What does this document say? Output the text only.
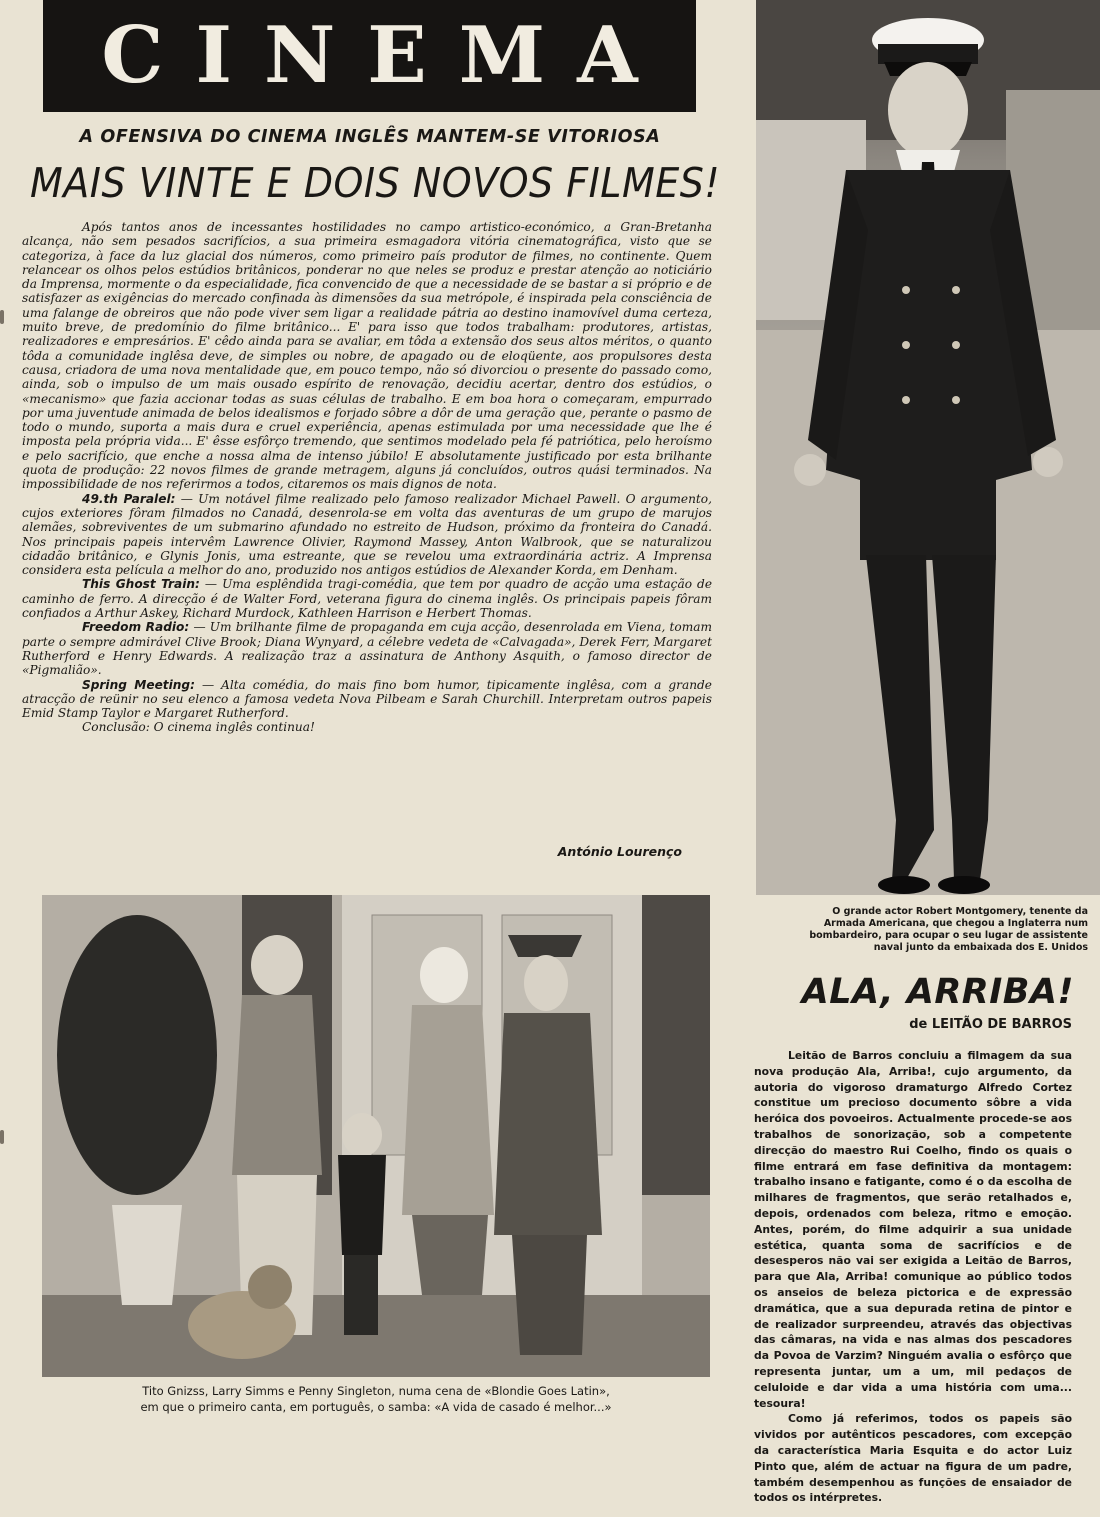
CINEMA
A OFENSIVA DO CINEMA INGLÊS MANTEM-SE VITORIOSA
MAIS VINTE E DOIS NOVOS FILMES!

Após tantos anos de incessantes hostilidades no campo artistico-económico, a Gran-Bretanha alcança, não sem pesados sacrifícios, a sua primeira esmagadora vitória cinematográfica, visto que se categoriza, à face da luz glacial dos números, como primeiro país produtor de filmes, no continente. Quem relancear os olhos pelos estúdios britânicos, ponderar no que neles se produz e prestar atenção ao noticiário da Imprensa, mormente o da especialidade, fica convencido de que a necessidade de se bastar a si próprio e de satisfazer as exigências do mercado confinada às dimensões da sua metrópole, é inspirada pela consciência de uma falange de obreiros que não pode viver sem ligar a realidade pátria ao destino inamovível duma certeza, muito breve, de predomínio do filme britânico... E' para isso que todos trabalham: produtores, artistas, realizadores e empresários. E' cêdo ainda para se avaliar, em tôda a extensão dos seus altos méritos, o quanto tôda a comunidade inglêsa deve, de simples ou nobre, de apagado ou de eloqüente, aos propulsores desta causa, criadora de uma nova mentalidade que, em pouco tempo, não só divorciou o presente do passado como, ainda, sob o impulso de um mais ousado espírito de renovação, decidiu acertar, dentro dos estúdios, o «mecanismo» que fazia accionar todas as suas células de trabalho. E em boa hora o começaram, empurrado por uma juventude animada de belos idealismos e forjado sôbre a dôr de uma geração que, perante o pasmo de todo o mundo, suporta a mais dura e cruel experiência, apenas estimulada por uma necessidade que lhe é imposta pela própria vida... E' êsse esfôrço tremendo, que sentimos modelado pela fé patriótica, pelo heroísmo e pelo sacrifício, que enche a nossa alma de intenso júbilo! E absolutamente justificado por esta brilhante quota de produção: 22 novos filmes de grande metragem, alguns já concluídos, outros quási terminados. Na impossibilidade de nos referirmos a todos, citaremos os mais dignos de nota.

49.th Paralel: — Um notável filme realizado pelo famoso realizador Michael Pawell. O argumento, cujos exteriores fôram filmados no Canadá, desenrola-se em volta das aventuras de um grupo de marujos alemães, sobreviventes de um submarino afundado no estreito de Hudson, próximo da fronteira do Canadá. Nos principais papeis intervêm Lawrence Olivier, Raymond Massey, Anton Walbrook, que se naturalizou cidadão britânico, e Glynis Jonis, uma estreante, que se revelou uma extraordinária actriz. A Imprensa considera esta película a melhor do ano, produzido nos antigos estúdios de Alexander Korda, em Denham.

This Ghost Train: — Uma esplêndida tragi-comédia, que tem por quadro de acção uma estação de caminho de ferro. A direcção é de Walter Ford, veterana figura do cinema inglês. Os principais papeis fôram confiados a Arthur Askey, Richard Murdock, Kathleen Harrison e Herbert Thomas.

Freedom Radio: — Um brilhante filme de propaganda em cuja acção, desenrolada em Viena, tomam parte o sempre admirável Clive Brook; Diana Wynyard, a célebre vedeta de «Calvagada», Derek Ferr, Margaret Rutherford e Henry Edwards. A realização traz a assinatura de Anthony Asquith, o famoso director de «Pigmalião».

Spring Meeting: — Alta comédia, do mais fino bom humor, tipicamente inglêsa, com a grande atracção de reünir no seu elenco a famosa vedeta Nova Pilbeam e Sarah Churchill. Interpretam outros papeis Emid Stamp Taylor e Margaret Rutherford.

Conclusão: O cinema inglês continua!

António Lourenço
O grande actor Robert Montgomery, tenente da Armada Americana, que chegou a Inglaterra num bombardeiro, para ocupar o seu lugar de assistente naval junto da embaixada dos E. Unidos
Tito Gnizss, Larry Simms e Penny Singleton, numa cena de «Blondie Goes Latin»,
em que o primeiro canta, em português, o samba: «A vida de casado é melhor...»
ALA, ARRIBA!
de LEITÃO DE BARROS

Leitão de Barros concluiu a filmagem da sua nova produção Ala, Arriba!, cujo argumento, da autoria do vigoroso dramaturgo Alfredo Cortez constitue um precioso documento sôbre a vida heróica dos povoeiros. Actualmente procede-se aos trabalhos de sonorização, sob a competente direcção do maestro Rui Coelho, findo os quais o filme entrará em fase definitiva da montagem: trabalho insano e fatigante, como é o da escolha de milhares de fragmentos, que serão retalhados e, depois, ordenados com beleza, ritmo e emoção. Antes, porém, do filme adquirir a sua unidade estética, quanta soma de sacrifícios e de desesperos não vai ser exigida a Leitão de Barros, para que Ala, Arriba! comunique ao público todos os anseios de beleza pictorica e de expressão dramática, que a sua depurada retina de pintor e de realizador surpreendeu, através das objectivas das câmaras, na vida e nas almas dos pescadores da Povoa de Varzim? Ninguém avalia o esfôrço que representa juntar, um a um, mil pedaços de celuloide e dar vida a uma história com uma... tesoura!

Como já referimos, todos os papeis são vividos por autênticos pescadores, com excepção da característica Maria Esquita e do actor Luiz Pinto que, além de actuar na figura de um padre, também desempenhou as funções de ensaiador de todos os intérpretes.
